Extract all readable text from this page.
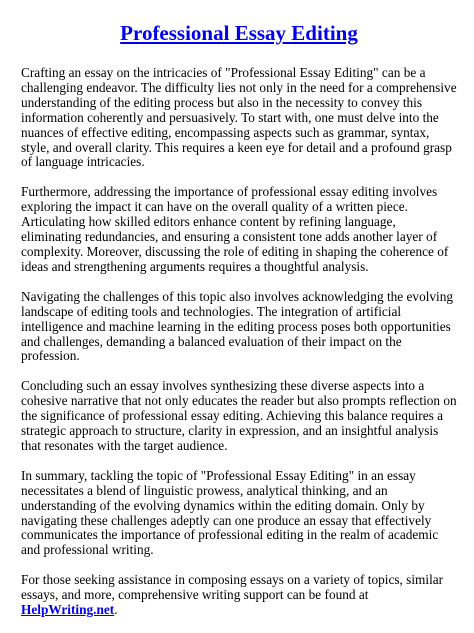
Professional Essay Editing

Crafting an essay on the intricacies of "Professional Essay Editing" can be a challenging endeavor. The difficulty lies not only in the need for a comprehensive understanding of the editing process but also in the necessity to convey this information coherently and persuasively. To start with, one must delve into the nuances of effective editing, encompassing aspects such as grammar, syntax, style, and overall clarity. This requires a keen eye for detail and a profound grasp of language intricacies.

Furthermore, addressing the importance of professional essay editing involves exploring the impact it can have on the overall quality of a written piece. Articulating how skilled editors enhance content by refining language, eliminating redundancies, and ensuring a consistent tone adds another layer of complexity. Moreover, discussing the role of editing in shaping the coherence of ideas and strengthening arguments requires a thoughtful analysis.

Navigating the challenges of this topic also involves acknowledging the evolving landscape of editing tools and technologies. The integration of artificial intelligence and machine learning in the editing process poses both opportunities and challenges, demanding a balanced evaluation of their impact on the profession.

Concluding such an essay involves synthesizing these diverse aspects into a cohesive narrative that not only educates the reader but also prompts reflection on the significance of professional essay editing. Achieving this balance requires a strategic approach to structure, clarity in expression, and an insightful analysis that resonates with the target audience.

In summary, tackling the topic of "Professional Essay Editing" in an essay necessitates a blend of linguistic prowess, analytical thinking, and an understanding of the evolving dynamics within the editing domain. Only by navigating these challenges adeptly can one produce an essay that effectively communicates the importance of professional editing in the realm of academic and professional writing.

For those seeking assistance in composing essays on a variety of topics, similar essays, and more, comprehensive writing support can be found at HelpWriting.net.
